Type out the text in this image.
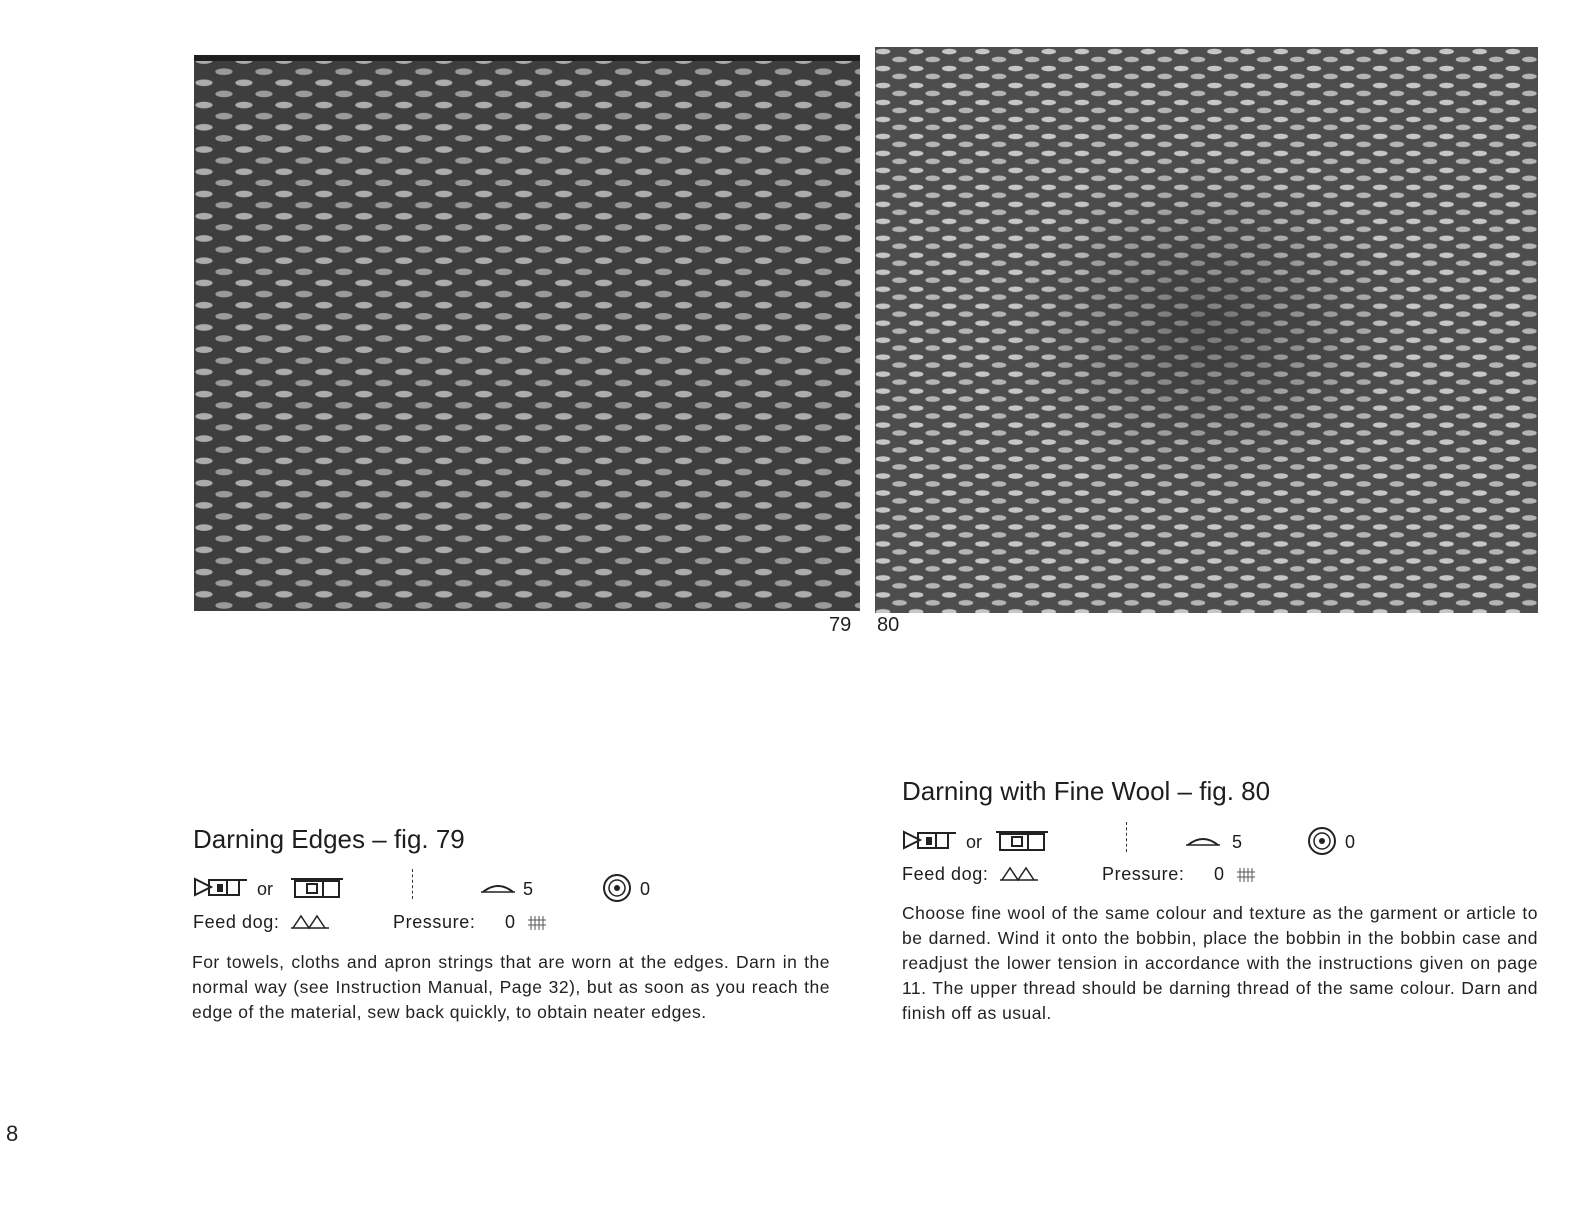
79 80
Darning Edges – fig. 79
or	5	0
Feed dog:	Pressure: 0
For towels, cloths and apron strings that are worn at the edges. Darn in the normal way (see Instruction Manual, Page 32), but as soon as you reach the edge of the material, sew back quickly, to obtain neater edges.
Darning with Fine Wool – fig. 80
or	5	0
Feed dog:	Pressure: 0
Choose fine wool of the same colour and texture as the garment or article to be darned. Wind it onto the bobbin, place the bobbin in the bobbin case and readjust the lower tension in accordance with the instructions given on page 11. The upper thread should be darning thread of the same colour. Darn and finish off as usual.
8
